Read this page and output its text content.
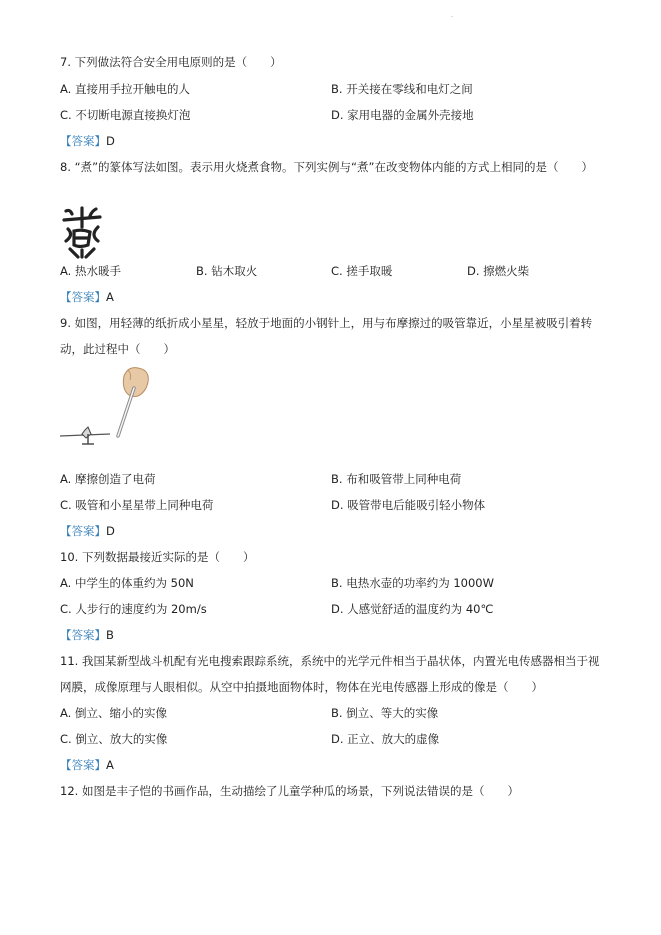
.
7. 下列做法符合安全用电原则的是（　　）
A. 直接用手拉开触电的人	B. 开关接在零线和电灯之间
C. 不切断电源直接换灯泡	D. 家用电器的金属外壳接地
【答案】D
8. “煮”的篆体写法如图。表示用火烧煮食物。下列实例与“煮”在改变物体内能的方式上相同的是（　　）
A. 热水暖手	B. 钻木取火	C. 搓手取暖	D. 擦燃火柴
【答案】A
9. 如图，用轻薄的纸折成小星星，轻放于地面的小钢针上，用与布摩擦过的吸管靠近，小星星被吸引着转动，此过程中（　　）
A. 摩擦创造了电荷	B. 布和吸管带上同种电荷
C. 吸管和小星星带上同种电荷	D. 吸管带电后能吸引轻小物体
【答案】D
10. 下列数据最接近实际的是（　　）
A. 中学生的体重约为 50N	B. 电热水壶的功率约为 1000W
C. 人步行的速度约为 20m/s	D. 人感觉舒适的温度约为 40℃
【答案】B
11. 我国某新型战斗机配有光电搜索跟踪系统，系统中的光学元件相当于晶状体，内置光电传感器相当于视网膜，成像原理与人眼相似。从空中拍摄地面物体时，物体在光电传感器上形成的像是（　　）
A. 倒立、缩小的实像	B. 倒立、等大的实像
C. 倒立、放大的实像	D. 正立、放大的虚像
【答案】A
12. 如图是丰子恺的书画作品，生动描绘了儿童学种瓜的场景，下列说法错误的是（　　）
